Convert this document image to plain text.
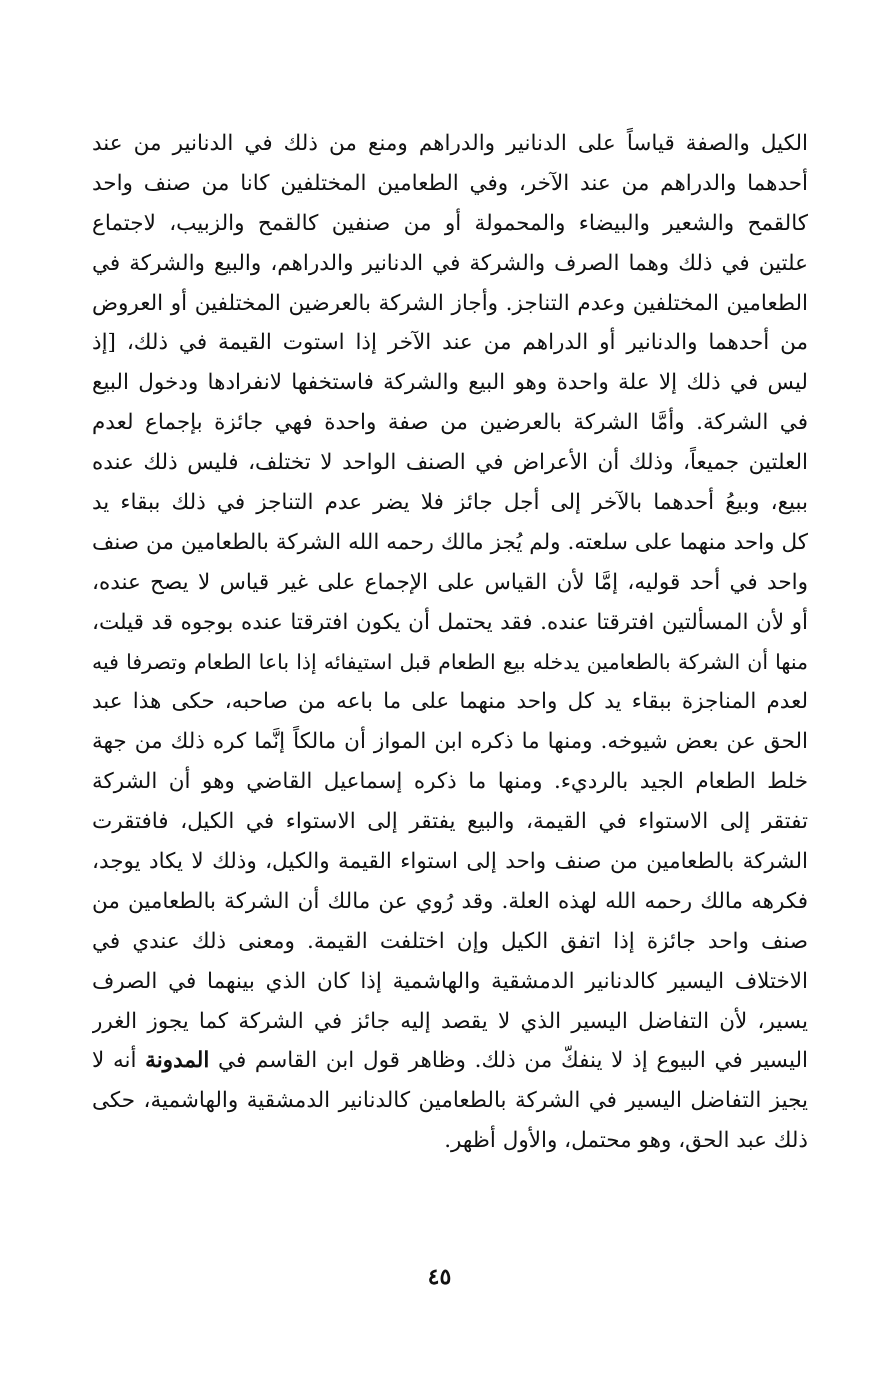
الكيل والصفة قياساً على الدنانير والدراهم ومنع من ذلك في الدنانير من عند
أحدهما والدراهم من عند الآخر، وفي الطعامين المختلفين كانا من صنف واحد
كالقمح والشعير والبيضاء والمحمولة أو من صنفين كالقمح والزبيب، لاجتماع
علتين في ذلك وهما الصرف والشركة في الدنانير والدراهم، والبيع والشركة في
الطعامين المختلفين وعدم التناجز. وأجاز الشركة بالعرضين المختلفين أو العروض
من أحدهما والدنانير أو الدراهم من عند الآخر إذا استوت القيمة في ذلك، [إذ
ليس في ذلك إلا علة واحدة وهو البيع والشركة فاستخفها لانفرادها ودخول البيع
في الشركة. وأمَّا الشركة بالعرضين من صفة واحدة فهي جائزة بإجماع لعدم
العلتين جميعاً، وذلك أن الأعراض في الصنف الواحد لا تختلف، فليس ذلك عنده
ببيع، وبيعُ أحدهما بالآخر إلى أجل جائز فلا يضر عدم التناجز في ذلك ببقاء يد
كل واحد منهما على سلعته. ولم يُجز مالك رحمه الله الشركة بالطعامين من صنف
واحد في أحد قوليه، إمَّا لأن القياس على الإجماع على غير قياس لا يصح عنده،
أو لأن المسألتين افترقتا عنده. فقد يحتمل أن يكون افترقتا عنده بوجوه قد قيلت،
منها أن الشركة بالطعامين يدخله بيع الطعام قبل استيفائه إذا باعا الطعام وتصرفا فيه
لعدم المناجزة ببقاء يد كل واحد منهما على ما باعه من صاحبه، حكى هذا عبد
الحق عن بعض شيوخه. ومنها ما ذكره ابن المواز أن مالكاً إنَّما كره ذلك من جهة
خلط الطعام الجيد بالرديء. ومنها ما ذكره إسماعيل القاضي وهو أن الشركة
تفتقر إلى الاستواء في القيمة، والبيع يفتقر إلى الاستواء في الكيل، فافتقرت
الشركة بالطعامين من صنف واحد إلى استواء القيمة والكيل، وذلك لا يكاد يوجد،
فكرهه مالك رحمه الله لهذه العلة. وقد رُوي عن مالك أن الشركة بالطعامين من
صنف واحد جائزة إذا اتفق الكيل وإن اختلفت القيمة. ومعنى ذلك عندي في
الاختلاف اليسير كالدنانير الدمشقية والهاشمية إذا كان الذي بينهما في الصرف
يسير، لأن التفاضل اليسير الذي لا يقصد إليه جائز في الشركة كما يجوز الغرر
اليسير في البيوع إذ لا ينفكّ من ذلك. وظاهر قول ابن القاسم في المدونة أنه لا
يجيز التفاضل اليسير في الشركة بالطعامين كالدنانير الدمشقية والهاشمية، حكى
ذلك عبد الحق، وهو محتمل، والأول أظهر.
٤٥
